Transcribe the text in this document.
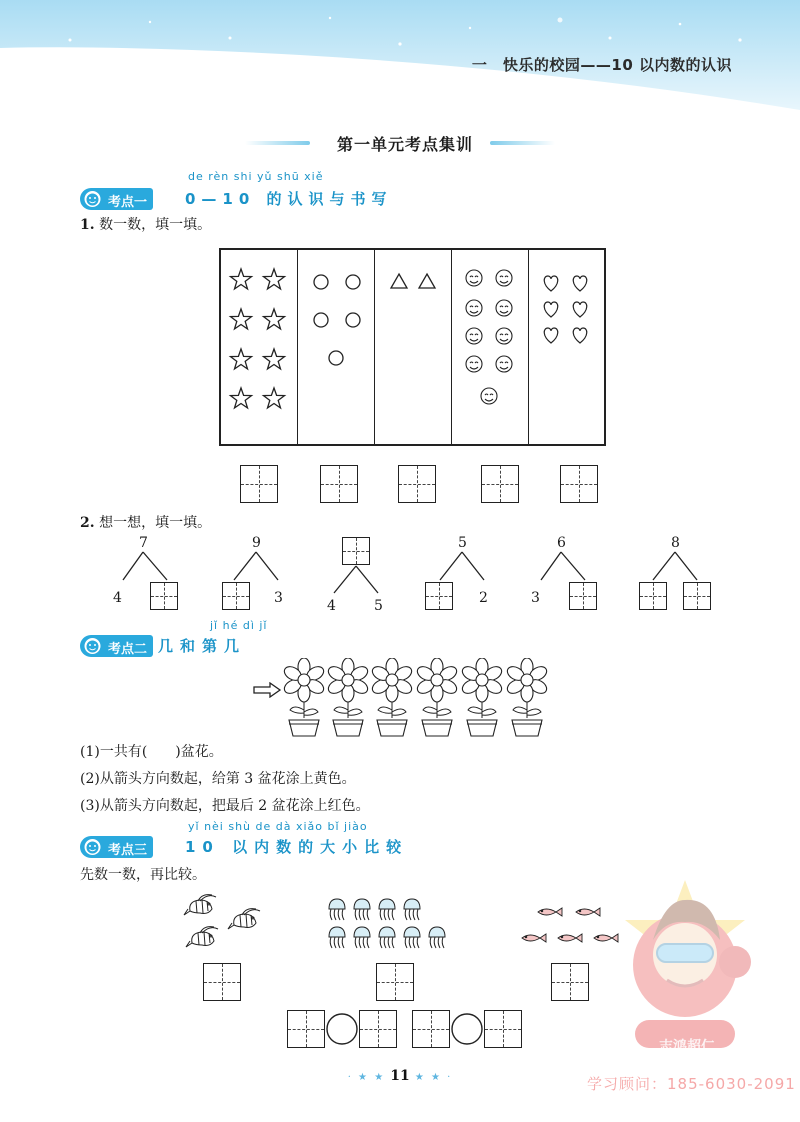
一　快乐的校园——10 以内数的认识
第一单元考点集训
de rèn shi yǔ shū xiě
考点一	0—10 的认识与书写
1. 数一数，填一填。
2. 想一想，填一填。
7
4
9
3	4	5
5
2
6
3
8
jǐ hé dì jǐ
考点二 几和第几
(1)一共有(　　)盆花。
(2)从箭头方向数起，给第 3 盆花涂上黄色。
(3)从箭头方向数起，把最后 2 盆花涂上红色。
yǐ nèi shù de dà xiǎo bǐ jiào
考点三	10 以内数的大小比较
先数一数，再比较。
志鸿超仁
· ★ ★ 11 ★ ★ ·	学习顾问：185-6030-2091
